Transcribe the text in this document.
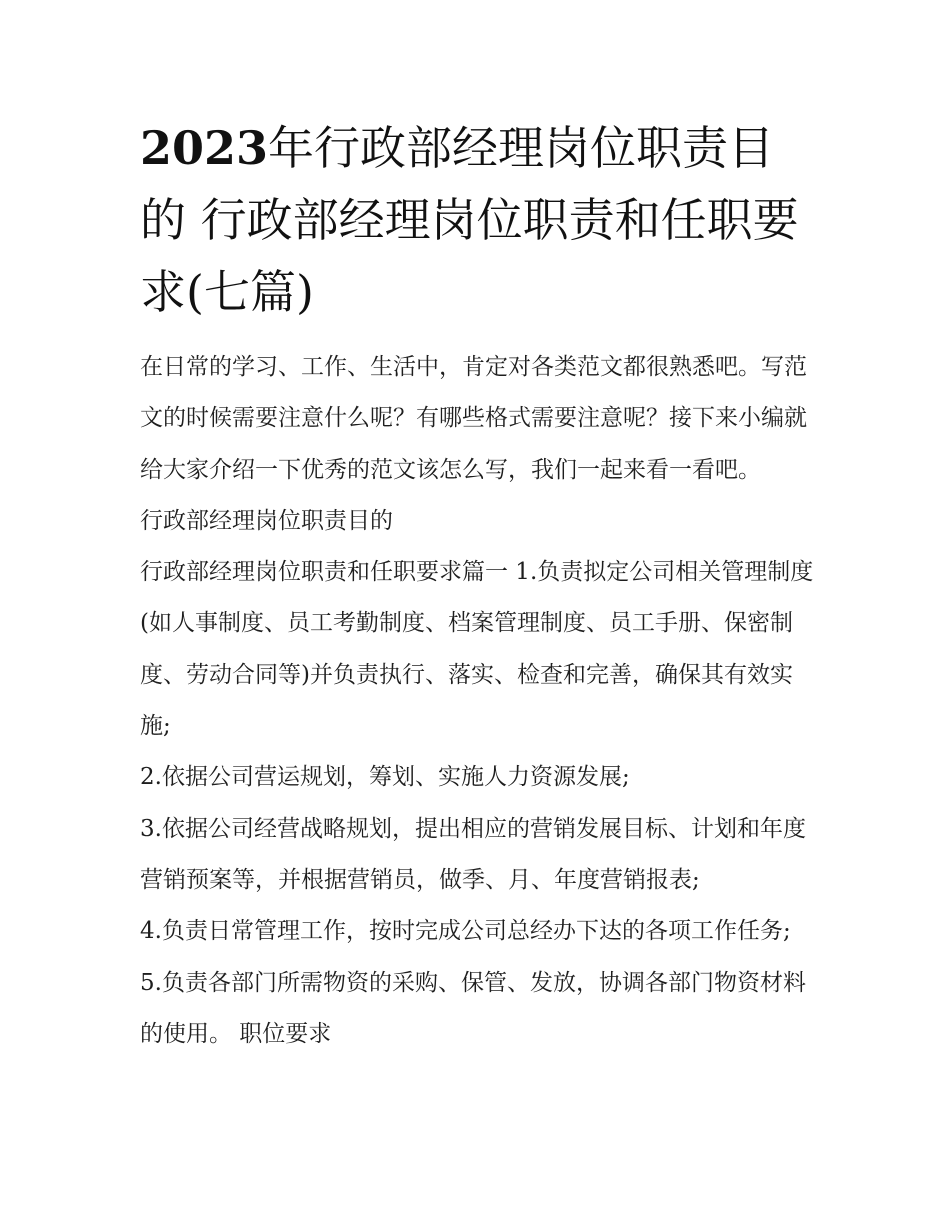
2023年行政部经理岗位职责目的 行政部经理岗位职责和任职要求(七篇)

在日常的学习、工作、生活中，肯定对各类范文都很熟悉吧。写范文的时候需要注意什么呢？有哪些格式需要注意呢？接下来小编就给大家介绍一下优秀的范文该怎么写，我们一起来看一看吧。

行政部经理岗位职责目的

行政部经理岗位职责和任职要求篇一 1.负责拟定公司相关管理制度(如人事制度、员工考勤制度、档案管理制度、员工手册、保密制度、劳动合同等)并负责执行、落实、检查和完善，确保其有效实施;

2.依据公司营运规划，筹划、实施人力资源发展;

3.依据公司经营战略规划，提出相应的营销发展目标、计划和年度营销预案等，并根据营销员，做季、月、年度营销报表;

4.负责日常管理工作，按时完成公司总经办下达的各项工作任务; 5.负责各部门所需物资的采购、保管、发放，协调各部门物资材料的使用。 职位要求
